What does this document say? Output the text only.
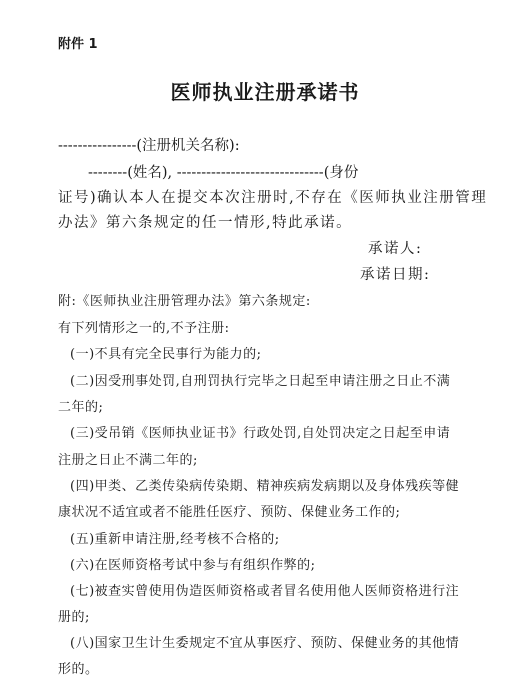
附件 1
医师执业注册承诺书
----------------(注册机关名称):
--------(姓名), ------------------------------(身份
证号)确认本人在提交本次注册时,不存在《医师执业注册管理
办法》第六条规定的任一情形,特此承诺。
承诺人:
承诺日期:
附:《医师执业注册管理办法》第六条规定:
有下列情形之一的,不予注册:
(一)不具有完全民事行为能力的;
(二)因受刑事处罚,自刑罚执行完毕之日起至申请注册之日止不满
二年的;
(三)受吊销《医师执业证书》行政处罚,自处罚决定之日起至申请
注册之日止不满二年的;
(四)甲类、乙类传染病传染期、精神疾病发病期以及身体残疾等健
康状况不适宜或者不能胜任医疗、预防、保健业务工作的;
(五)重新申请注册,经考核不合格的;
(六)在医师资格考试中参与有组织作弊的;
(七)被查实曾使用伪造医师资格或者冒名使用他人医师资格进行注
册的;
(八)国家卫生计生委规定不宜从事医疗、预防、保健业务的其他情
形的。
